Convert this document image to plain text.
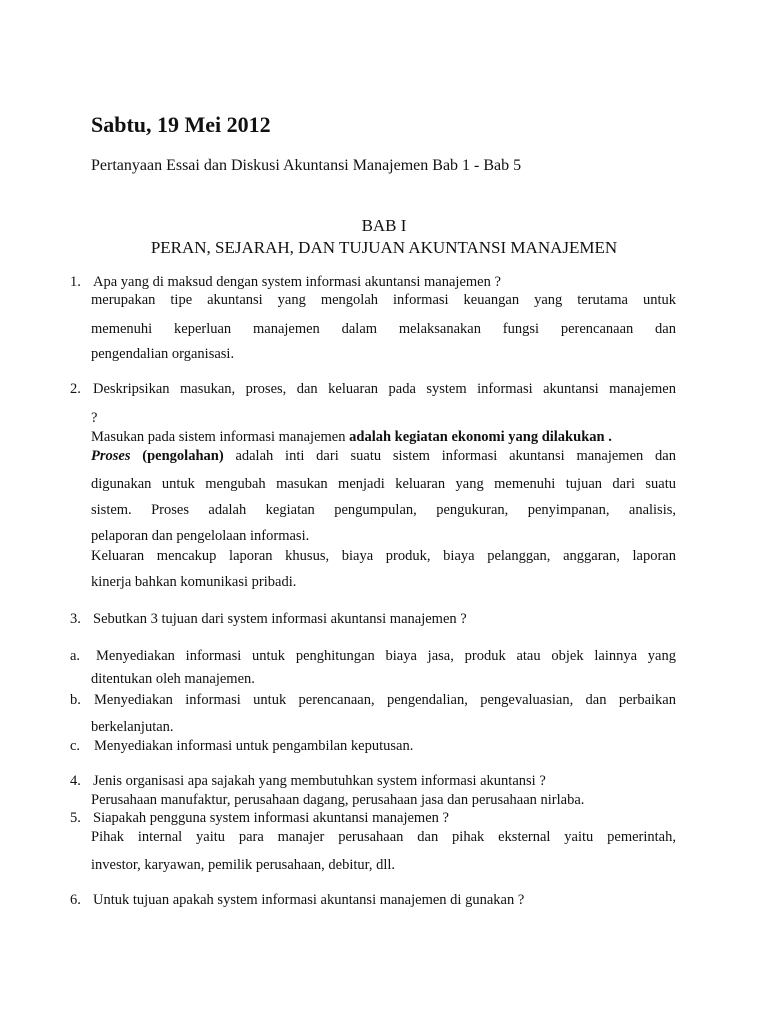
Sabtu, 19 Mei 2012
Pertanyaan Essai dan Diskusi Akuntansi Manajemen Bab 1 - Bab 5
BAB I
PERAN, SEJARAH, DAN TUJUAN AKUNTANSI MANAJEMEN
1. Apa yang di maksud dengan system informasi akuntansi manajemen ?
merupakan tipe akuntansi yang mengolah informasi keuangan yang terutama untuk
memenuhi keperluan manajemen dalam melaksanakan fungsi perencanaan dan
pengendalian organisasi.
2. Deskripsikan masukan, proses, dan keluaran pada system informasi akuntansi manajemen
?
Masukan pada sistem informasi manajemen adalah kegiatan ekonomi yang dilakukan .
Proses (pengolahan) adalah inti dari suatu sistem informasi akuntansi manajemen dan
digunakan untuk mengubah masukan menjadi keluaran yang memenuhi tujuan dari suatu
sistem. Proses adalah kegiatan pengumpulan, pengukuran, penyimpanan, analisis,
pelaporan dan pengelolaan informasi.
Keluaran mencakup laporan khusus, biaya produk, biaya pelanggan, anggaran, laporan
kinerja bahkan komunikasi pribadi.
3. Sebutkan 3 tujuan dari system informasi akuntansi manajemen ?
a. Menyediakan informasi untuk penghitungan biaya jasa, produk atau objek lainnya yang
ditentukan oleh manajemen.
b. Menyediakan informasi untuk perencanaan, pengendalian, pengevaluasian, dan perbaikan
berkelanjutan.
c. Menyediakan informasi untuk pengambilan keputusan.
4. Jenis organisasi apa sajakah yang membutuhkan system informasi akuntansi ?
Perusahaan manufaktur, perusahaan dagang, perusahaan jasa dan perusahaan nirlaba.
5. Siapakah pengguna system informasi akuntansi manajemen ?
Pihak internal yaitu para manajer perusahaan dan pihak eksternal yaitu pemerintah,
investor, karyawan, pemilik perusahaan, debitur, dll.
6. Untuk tujuan apakah system informasi akuntansi manajemen di gunakan ?
